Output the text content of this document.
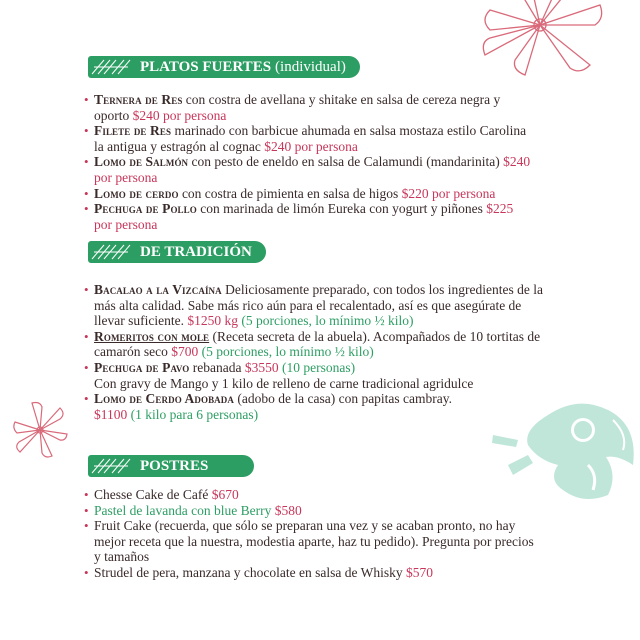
PLATOS FUERTES (individual)
• Ternera de Res con costra de avellana y shitake en salsa de cereza negra y oporto $240 por persona
• Filete de Res marinado con barbicue ahumada en salsa mostaza estilo Carolina la antigua y estragón al cognac $240 por persona
• Lomo de Salmón con pesto de eneldo en salsa de Calamundi (mandarinita) $240 por persona
• Lomo de cerdo con costra de pimienta en salsa de higos $220 por persona
• Pechuga de Pollo con marinada de limón Eureka con yogurt y piñones $225 por persona
DE TRADICIÓN
• Bacalao a la Vizcaína Deliciosamente preparado, con todos los ingredientes de la más alta calidad. Sabe más rico aún para el recalentado, así es que asegúrate de llevar suficiente. $1250 kg (5 porciones, lo mínimo ½ kilo)
• Romeritos con mole (Receta secreta de la abuela). Acompañados de 10 tortitas de camarón seco $700 (5 porciones, lo mínimo ½ kilo)
• Pechuga de Pavo rebanada $3550 (10 personas)
Con gravy de Mango y 1 kilo de relleno de carne tradicional agridulce
• Lomo de Cerdo Adobada (adobo de la casa) con papitas cambray.
$1100 (1 kilo para 6 personas)
POSTRES
• Chesse Cake de Café $670
• Pastel de lavanda con blue Berry $580
• Fruit Cake (recuerda, que sólo se preparan una vez y se acaban pronto, no hay mejor receta que la nuestra, modestia aparte, haz tu pedido). Pregunta por precios y tamaños
• Strudel de pera, manzana y chocolate en salsa de Whisky $570
